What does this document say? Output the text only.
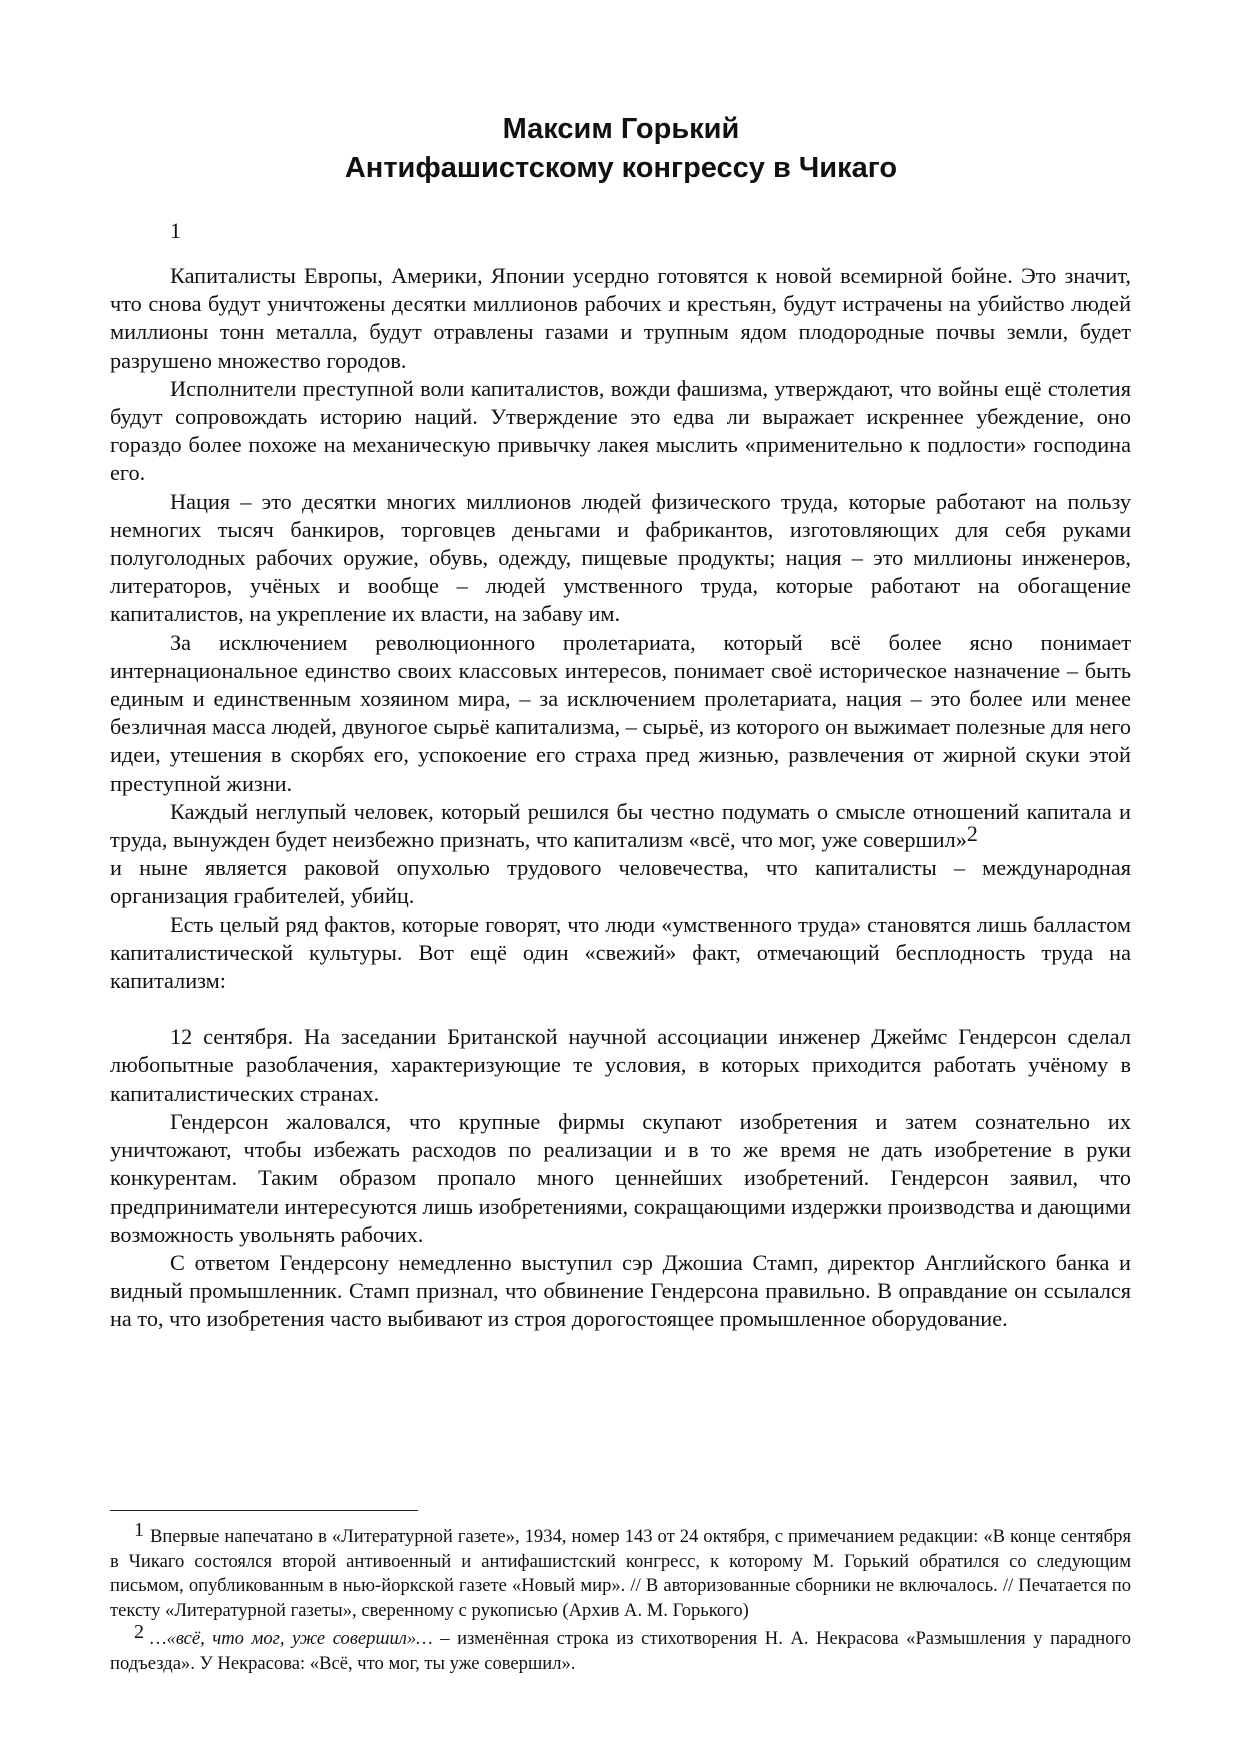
Максим Горький
Антифашистскому конгрессу в Чикаго
1

Капиталисты Европы, Америки, Японии усердно готовятся к новой всемирной бойне. Это значит, что снова будут уничтожены десятки миллионов рабочих и крестьян, будут истрачены на убийство людей миллионы тонн металла, будут отравлены газами и трупным ядом плодородные почвы земли, будет разрушено множество городов.

Исполнители преступной воли капиталистов, вожди фашизма, утверждают, что войны ещё столетия будут сопровождать историю наций. Утверждение это едва ли выражает искреннее убеждение, оно гораздо более похоже на механическую привычку лакея мыслить «применительно к подлости» господина его.

Нация – это десятки многих миллионов людей физического труда, которые работают на пользу немногих тысяч банкиров, торговцев деньгами и фабрикантов, изготовляющих для себя руками полуголодных рабочих оружие, обувь, одежду, пищевые продукты; нация – это миллионы инженеров, литераторов, учёных и вообще – людей умственного труда, которые работают на обогащение капиталистов, на укрепление их власти, на забаву им.

За исключением революционного пролетариата, который всё более ясно понимает интернациональное единство своих классовых интересов, понимает своё историческое назначение – быть единым и единственным хозяином мира, – за исключением пролетариата, нация – это более или менее безличная масса людей, двуногое сырьё капитализма, – сырьё, из которого он выжимает полезные для него идеи, утешения в скорбях его, успокоение его страха пред жизнью, развлечения от жирной скуки этой преступной жизни.

Каждый неглупый человек, который решился бы честно подумать о смысле отношений капитала и труда, вынужден будет неизбежно признать, что капитализм «всё, что мог, уже совершил»$^2$

и ныне является раковой опухолью трудового человечества, что капиталисты – международная организация грабителей, убийц.

Есть целый ряд фактов, которые говорят, что люди «умственного труда» становятся лишь балластом капиталистической культуры. Вот ещё один «свежий» факт, отмечающий бесплодность труда на капитализм:

12 сентября. На заседании Британской научной ассоциации инженер Джеймс Гендерсон сделал любопытные разоблачения, характеризующие те условия, в которых приходится работать учёному в капиталистических странах.

Гендерсон жаловался, что крупные фирмы скупают изобретения и затем сознательно их уничтожают, чтобы избежать расходов по реализации и в то же время не дать изобретение в руки конкурентам. Таким образом пропало много ценнейших изобретений. Гендерсон заявил, что предприниматели интересуются лишь изобретениями, сокращающими издержки производства и дающими возможность увольнять рабочих.

С ответом Гендерсону немедленно выступил сэр Джошиа Стамп, директор Английского банка и видный промышленник. Стамп признал, что обвинение Гендерсона правильно. В оправдание он ссылался на то, что изобретения часто выбивают из строя дорогостоящее промышленное оборудование.

1 Впервые напечатано в «Литературной газете», 1934, номер 143 от 24 октября, с примечанием редакции: «В конце сентября в Чикаго состоялся второй антивоенный и антифашистский конгресс, к которому М. Горький обратился со следующим письмом, опубликованным в нью-йоркской газете «Новый мир». // В авторизованные сборники не включалось. // Печатается по тексту «Литературной газеты», сверенному с рукописью (Архив А. М. Горького)

2 …«всё, что мог, уже совершил»… – изменённая строка из стихотворения Н. А. Некрасова «Размышления у парадного подъезда». У Некрасова: «Всё, что мог, ты уже совершил».
